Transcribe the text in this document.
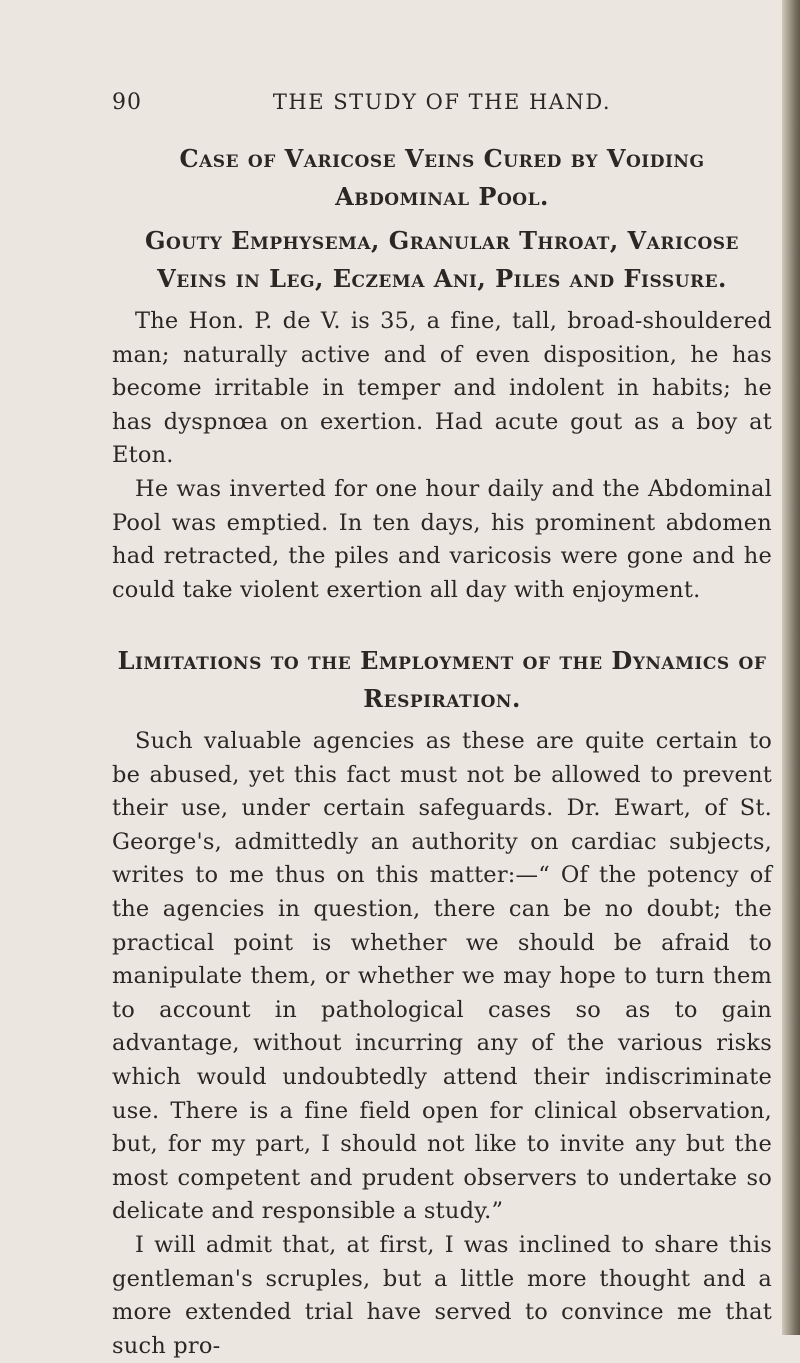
90	THE STUDY OF THE HAND.
Case of Varicose Veins Cured by Voiding Abdominal Pool.
Gouty Emphysema, Granular Throat, Varicose Veins in Leg, Eczema Ani, Piles and Fissure.

The Hon. P. de V. is 35, a fine, tall, broad-shouldered man; naturally active and of even disposition, he has become irritable in temper and indolent in habits; he has dyspnœa on exertion. Had acute gout as a boy at Eton.

He was inverted for one hour daily and the Abdominal Pool was emptied. In ten days, his prominent abdomen had retracted, the piles and varicosis were gone and he could take violent exertion all day with enjoyment.

Limitations to the Employment of the Dynamics of Respiration.

Such valuable agencies as these are quite certain to be abused, yet this fact must not be allowed to prevent their use, under certain safeguards. Dr. Ewart, of St. George's, admittedly an authority on cardiac subjects, writes to me thus on this matter:—“ Of the potency of the agencies in question, there can be no doubt; the practical point is whether we should be afraid to manipulate them, or whether we may hope to turn them to account in pathological cases so as to gain advantage, without incurring any of the various risks which would undoubtedly attend their indiscriminate use. There is a fine field open for clinical observation, but, for my part, I should not like to invite any but the most competent and prudent observers to undertake so delicate and responsible a study.”

I will admit that, at first, I was inclined to share this gentleman's scruples, but a little more thought and a more extended trial have served to convince me that such pro-
